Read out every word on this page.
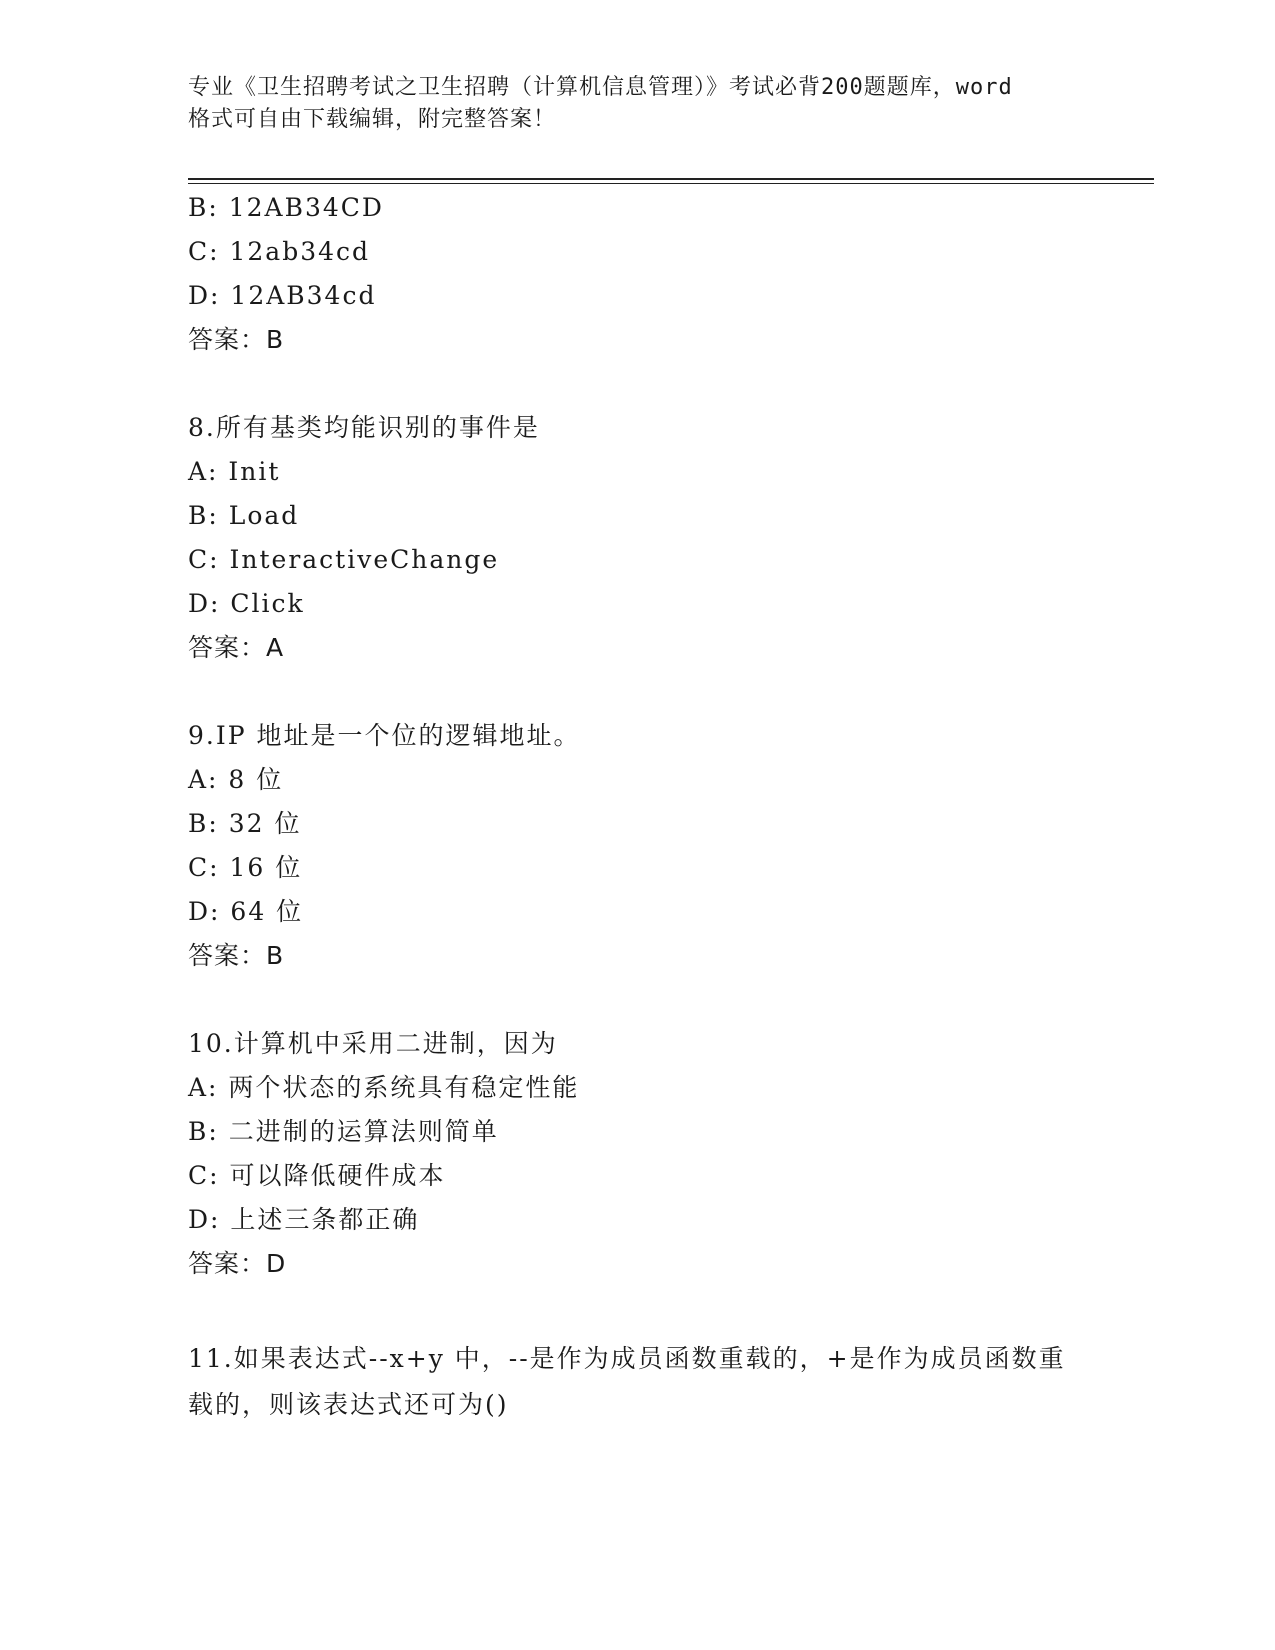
专业《卫生招聘考试之卫生招聘（计算机信息管理）》考试必背200题题库，word
格式可自由下载编辑，附完整答案！
B: 12AB34CD
C: 12ab34cd
D: 12AB34cd
答案：B
8.所有基类均能识别的事件是
A: Init
B: Load
C: InteractiveChange
D: Click
答案：A
9.IP 地址是一个位的逻辑地址。
A: 8 位
B: 32 位
C: 16 位
D: 64 位
答案：B
10.计算机中采用二进制，因为
A: 两个状态的系统具有稳定性能
B: 二进制的运算法则简单
C: 可以降低硬件成本
D: 上述三条都正确
答案：D
11.如果表达式--x+y 中，--是作为成员函数重载的，+是作为成员函数重载的，则该表达式还可为()
